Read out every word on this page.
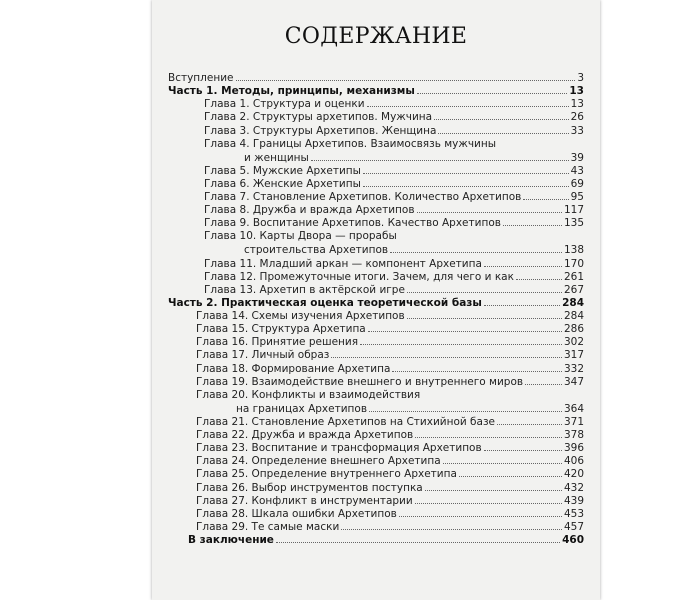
СОДЕРЖАНИЕ
Вступление	3
Часть 1. Методы, принципы, механизмы	13
Глава 1. Структура и оценки	13
Глава 2. Структуры архетипов. Мужчина	26
Глава 3. Структуры Архетипов. Женщина	33
Глава 4. Границы Архетипов. Взаимосвязь мужчины
и женщины	39
Глава 5. Мужские Архетипы	43
Глава 6. Женские Архетипы	69
Глава 7. Становление Архетипов. Количество Архетипов	95
Глава 8. Дружба и вражда Архетипов	117
Глава 9. Воспитание Архетипов. Качество Архетипов	135
Глава 10. Карты Двора — прорабы
строительства Архетипов	138
Глава 11. Младший аркан — компонент Архетипа	170
Глава 12. Промежуточные итоги. Зачем, для чего и как	261
Глава 13. Архетип в актёрской игре	267
Часть 2. Практическая оценка теоретической базы	284
Глава 14. Схемы изучения Архетипов	284
Глава 15. Структура Архетипа	286
Глава 16. Принятие решения	302
Глава 17. Личный образ	317
Глава 18. Формирование Архетипа	332
Глава 19. Взаимодействие внешнего и внутреннего миров	347
Глава 20. Конфликты и взаимодействия
на границах Архетипов	364
Глава 21. Становление Архетипов на Стихийной базе	371
Глава 22. Дружба и вражда Архетипов	378
Глава 23. Воспитание и трансформация Архетипов	396
Глава 24. Определение внешнего Архетипа	406
Глава 25. Определение внутреннего Архетипа	420
Глава 26. Выбор инструментов поступка	432
Глава 27. Конфликт в инструментарии	439
Глава 28. Шкала ошибки Архетипов	453
Глава 29. Те самые маски	457
В заключение	460
